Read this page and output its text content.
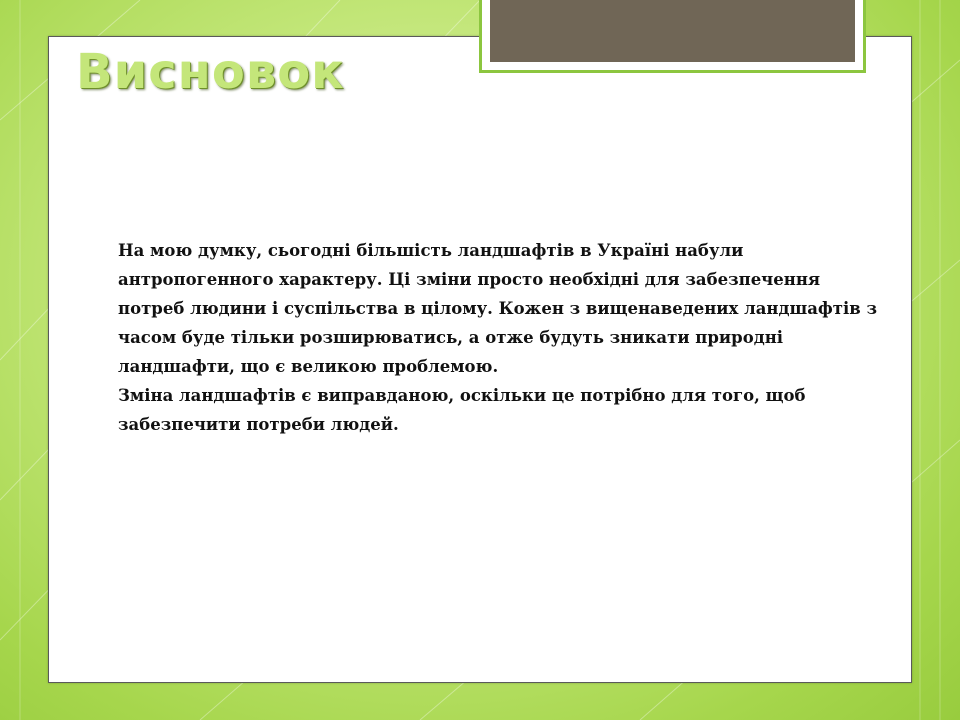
Висновок

На мою думку, сьогодні більшість ландшафтів в Україні набули антропогенного характеру. Ці зміни просто необхідні для забезпечення потреб людини і суспільства в цілому. Кожен з вищенаведених ландшафтів з часом буде тільки розширюватись, а отже будуть зникати природні ландшафти, що є великою проблемою.

Зміна ландшафтів є виправданою, оскільки це потрібно для того, щоб забезпечити потреби людей.
